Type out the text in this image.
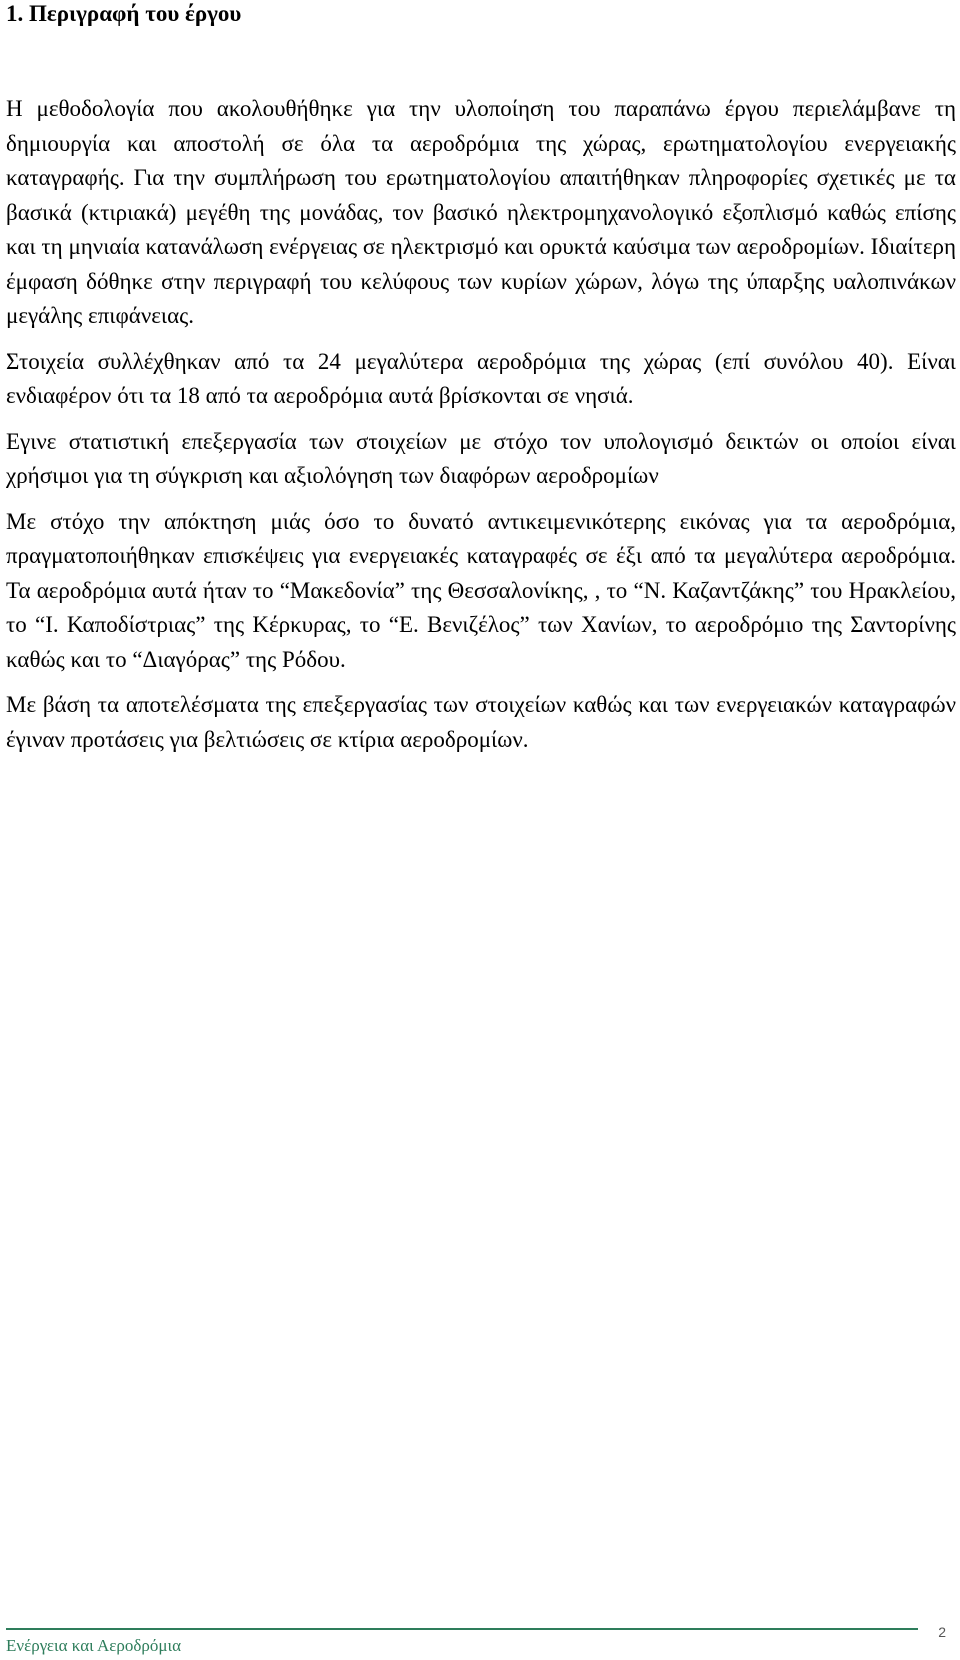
1. Περιγραφή του έργου

Η μεθοδολογία που ακολουθήθηκε για την υλοποίηση του παραπάνω έργου περιελάμβανε τη δημιουργία και αποστολή σε όλα τα αεροδρόμια της χώρας, ερωτηματολογίου ενεργειακής καταγραφής. Για την συμπλήρωση του ερωτηματολογίου απαιτήθηκαν πληροφορίες σχετικές με τα βασικά (κτιριακά) μεγέθη της μονάδας, τον βασικό ηλεκτρομηχανολογικό εξοπλισμό καθώς επίσης και τη μηνιαία κατανάλωση ενέργειας σε ηλεκτρισμό και ορυκτά καύσιμα των αεροδρομίων. Ιδιαίτερη έμφαση δόθηκε στην περιγραφή του κελύφους των κυρίων χώρων, λόγω της ύπαρξης υαλοπινάκων μεγάλης επιφάνειας.

Στοιχεία συλλέχθηκαν από τα 24 μεγαλύτερα αεροδρόμια της χώρας (επί συνόλου 40). Είναι ενδιαφέρον ότι τα 18 από τα αεροδρόμια αυτά βρίσκονται σε νησιά.

Εγινε στατιστική επεξεργασία των στοιχείων με στόχο τον υπολογισμό δεικτών οι οποίοι είναι χρήσιμοι για τη σύγκριση και αξιολόγηση των διαφόρων αεροδρομίων

Με στόχο την απόκτηση μιάς όσο το δυνατό αντικειμενικότερης εικόνας για τα αεροδρόμια, πραγματοποιήθηκαν επισκέψεις για ενεργειακές καταγραφές σε έξι από τα μεγαλύτερα αεροδρόμια. Τα αεροδρόμια αυτά ήταν το “Μακεδονία” της Θεσσαλονίκης, , το “Ν. Καζαντζάκης” του Ηρακλείου, το “Ι. Καποδίστριας” της Κέρκυρας, το “Ε. Βενιζέλος” των Χανίων, το αεροδρόμιο της Σαντορίνης καθώς και το “Διαγόρας” της Ρόδου.

Με βάση τα αποτελέσματα της επεξεργασίας των στοιχείων καθώς και των ενεργειακών καταγραφών έγιναν προτάσεις για βελτιώσεις σε κτίρια αεροδρομίων.

Ενέργεια και Αεροδρόμια
2
